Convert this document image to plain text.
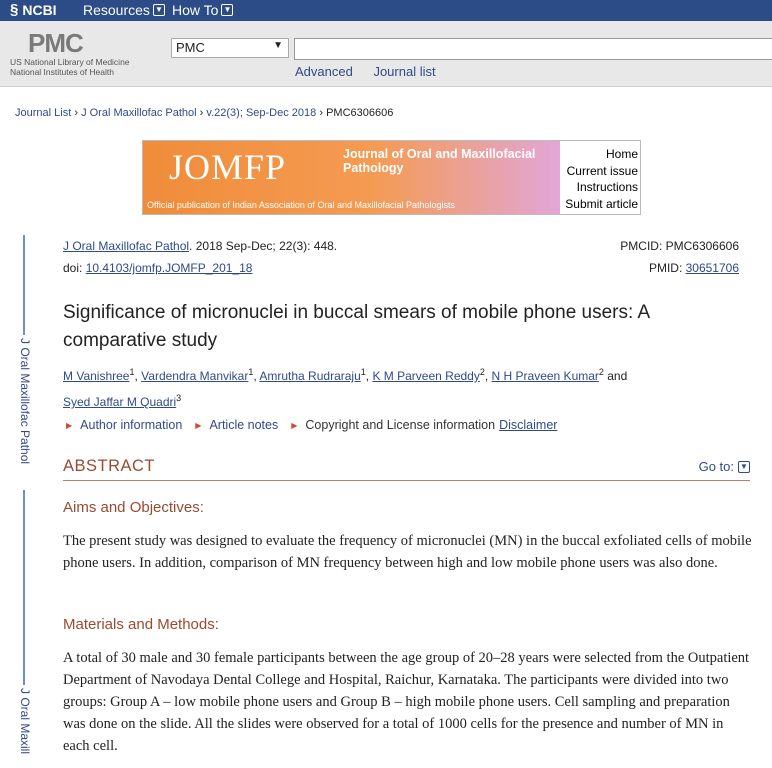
§ NCBI Resources ▼ How To ▼
PMC
US National Library of Medicine
National Institutes of Health
PMC	▼
Advanced Journal list
Journal List › J Oral Maxillofac Pathol › v.22(3); Sep-Dec 2018 › PMC6306606
JOMFP	Journal of Oral and Maxillofacial Pathology
Official publication of Indian Association of Oral and Maxillofacial Pathologists
Home
Current issue
Instructions
Submit article
J Oral Maxillofac Pathol
J Oral Maxill
J Oral Maxillofac Pathol. 2018 Sep-Dec; 22(3): 448.
doi: 10.4103/jomfp.JOMFP_201_18
PMCID: PMC6306606
PMID: 30651706
Significance of micronuclei in buccal smears of mobile phone users: A comparative study
M Vanishree$^1$, Vardendra Manvikar$^1$, Amrutha Rudraraju$^1$, K M Parveen Reddy$^2$, N H Praveen Kumar$^2$ and
Syed Jaffar M Quadri$^3$
▶ Author information ▶ Article notes ▶ Copyright and License information Disclaimer
ABSTRACT	Go to: ▼
Aims and Objectives:

The present study was designed to evaluate the frequency of micronuclei (MN) in the buccal exfoliated cells of mobile phone users. In addition, comparison of MN frequency between high and low mobile phone users was also done.

Materials and Methods:

A total of 30 male and 30 female participants between the age group of 20–28 years were selected from the Outpatient Department of Navodaya Dental College and Hospital, Raichur, Karnataka. The participants were divided into two groups: Group A – low mobile phone users and Group B – high mobile phone users. Cell sampling and preparation was done on the slide. All the slides were observed for a total of 1000 cells for the presence and number of MN in each cell.
